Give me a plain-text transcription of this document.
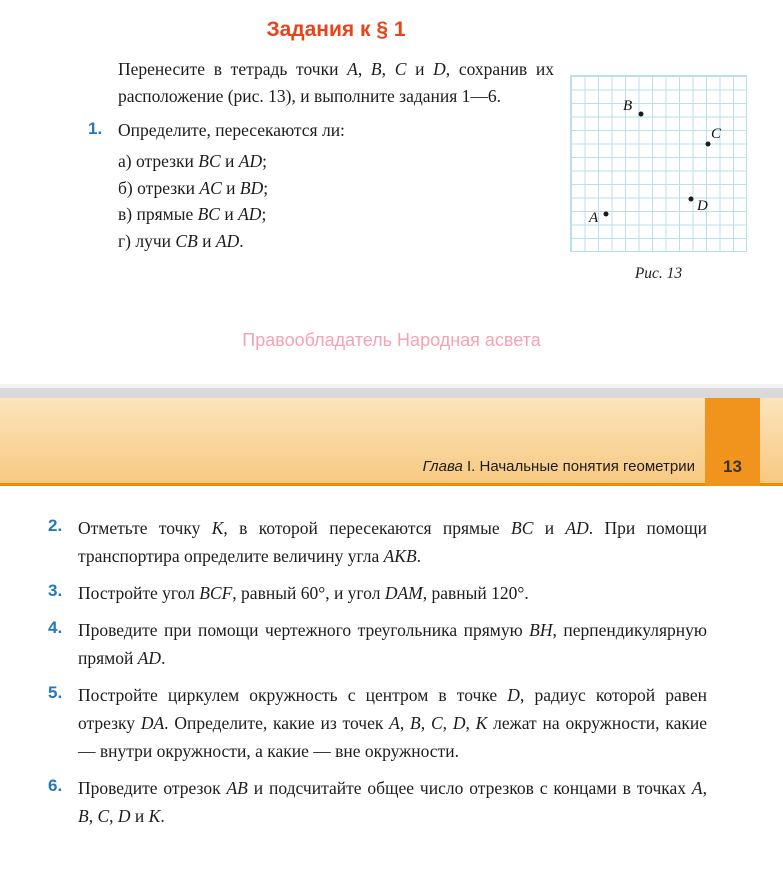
Задания к § 1

Перенесите в тетрадь точки A, B, C и D, сохранив их расположение (рис. 13), и выполните задания 1—6.

1. Определите, пересекаются ли:
а) отрезки BC и AD;
б) отрезки AC и BD;
в) прямые BC и AD;
г) лучи CB и AD.
B
C
D
A
Рис. 13
Правообладатель Народная асвета
Глава I. Начальные понятия геометрии	13
2. Отметьте точку K, в которой пересекаются прямые BC и AD. При помощи транспортира определите величину угла AKB.
3. Постройте угол BCF, равный 60°, и угол DAM, равный 120°.
4. Проведите при помощи чертежного треугольника прямую BH, перпендикулярную прямой AD.
5. Постройте циркулем окружность с центром в точке D, радиус которой равен отрезку DA. Определите, какие из точек A, B, C, D, K лежат на окружности, какие — внутри окружности, а какие — вне окружности.
6. Проведите отрезок AB и подсчитайте общее число отрезков с концами в точках A, B, C, D и K.
